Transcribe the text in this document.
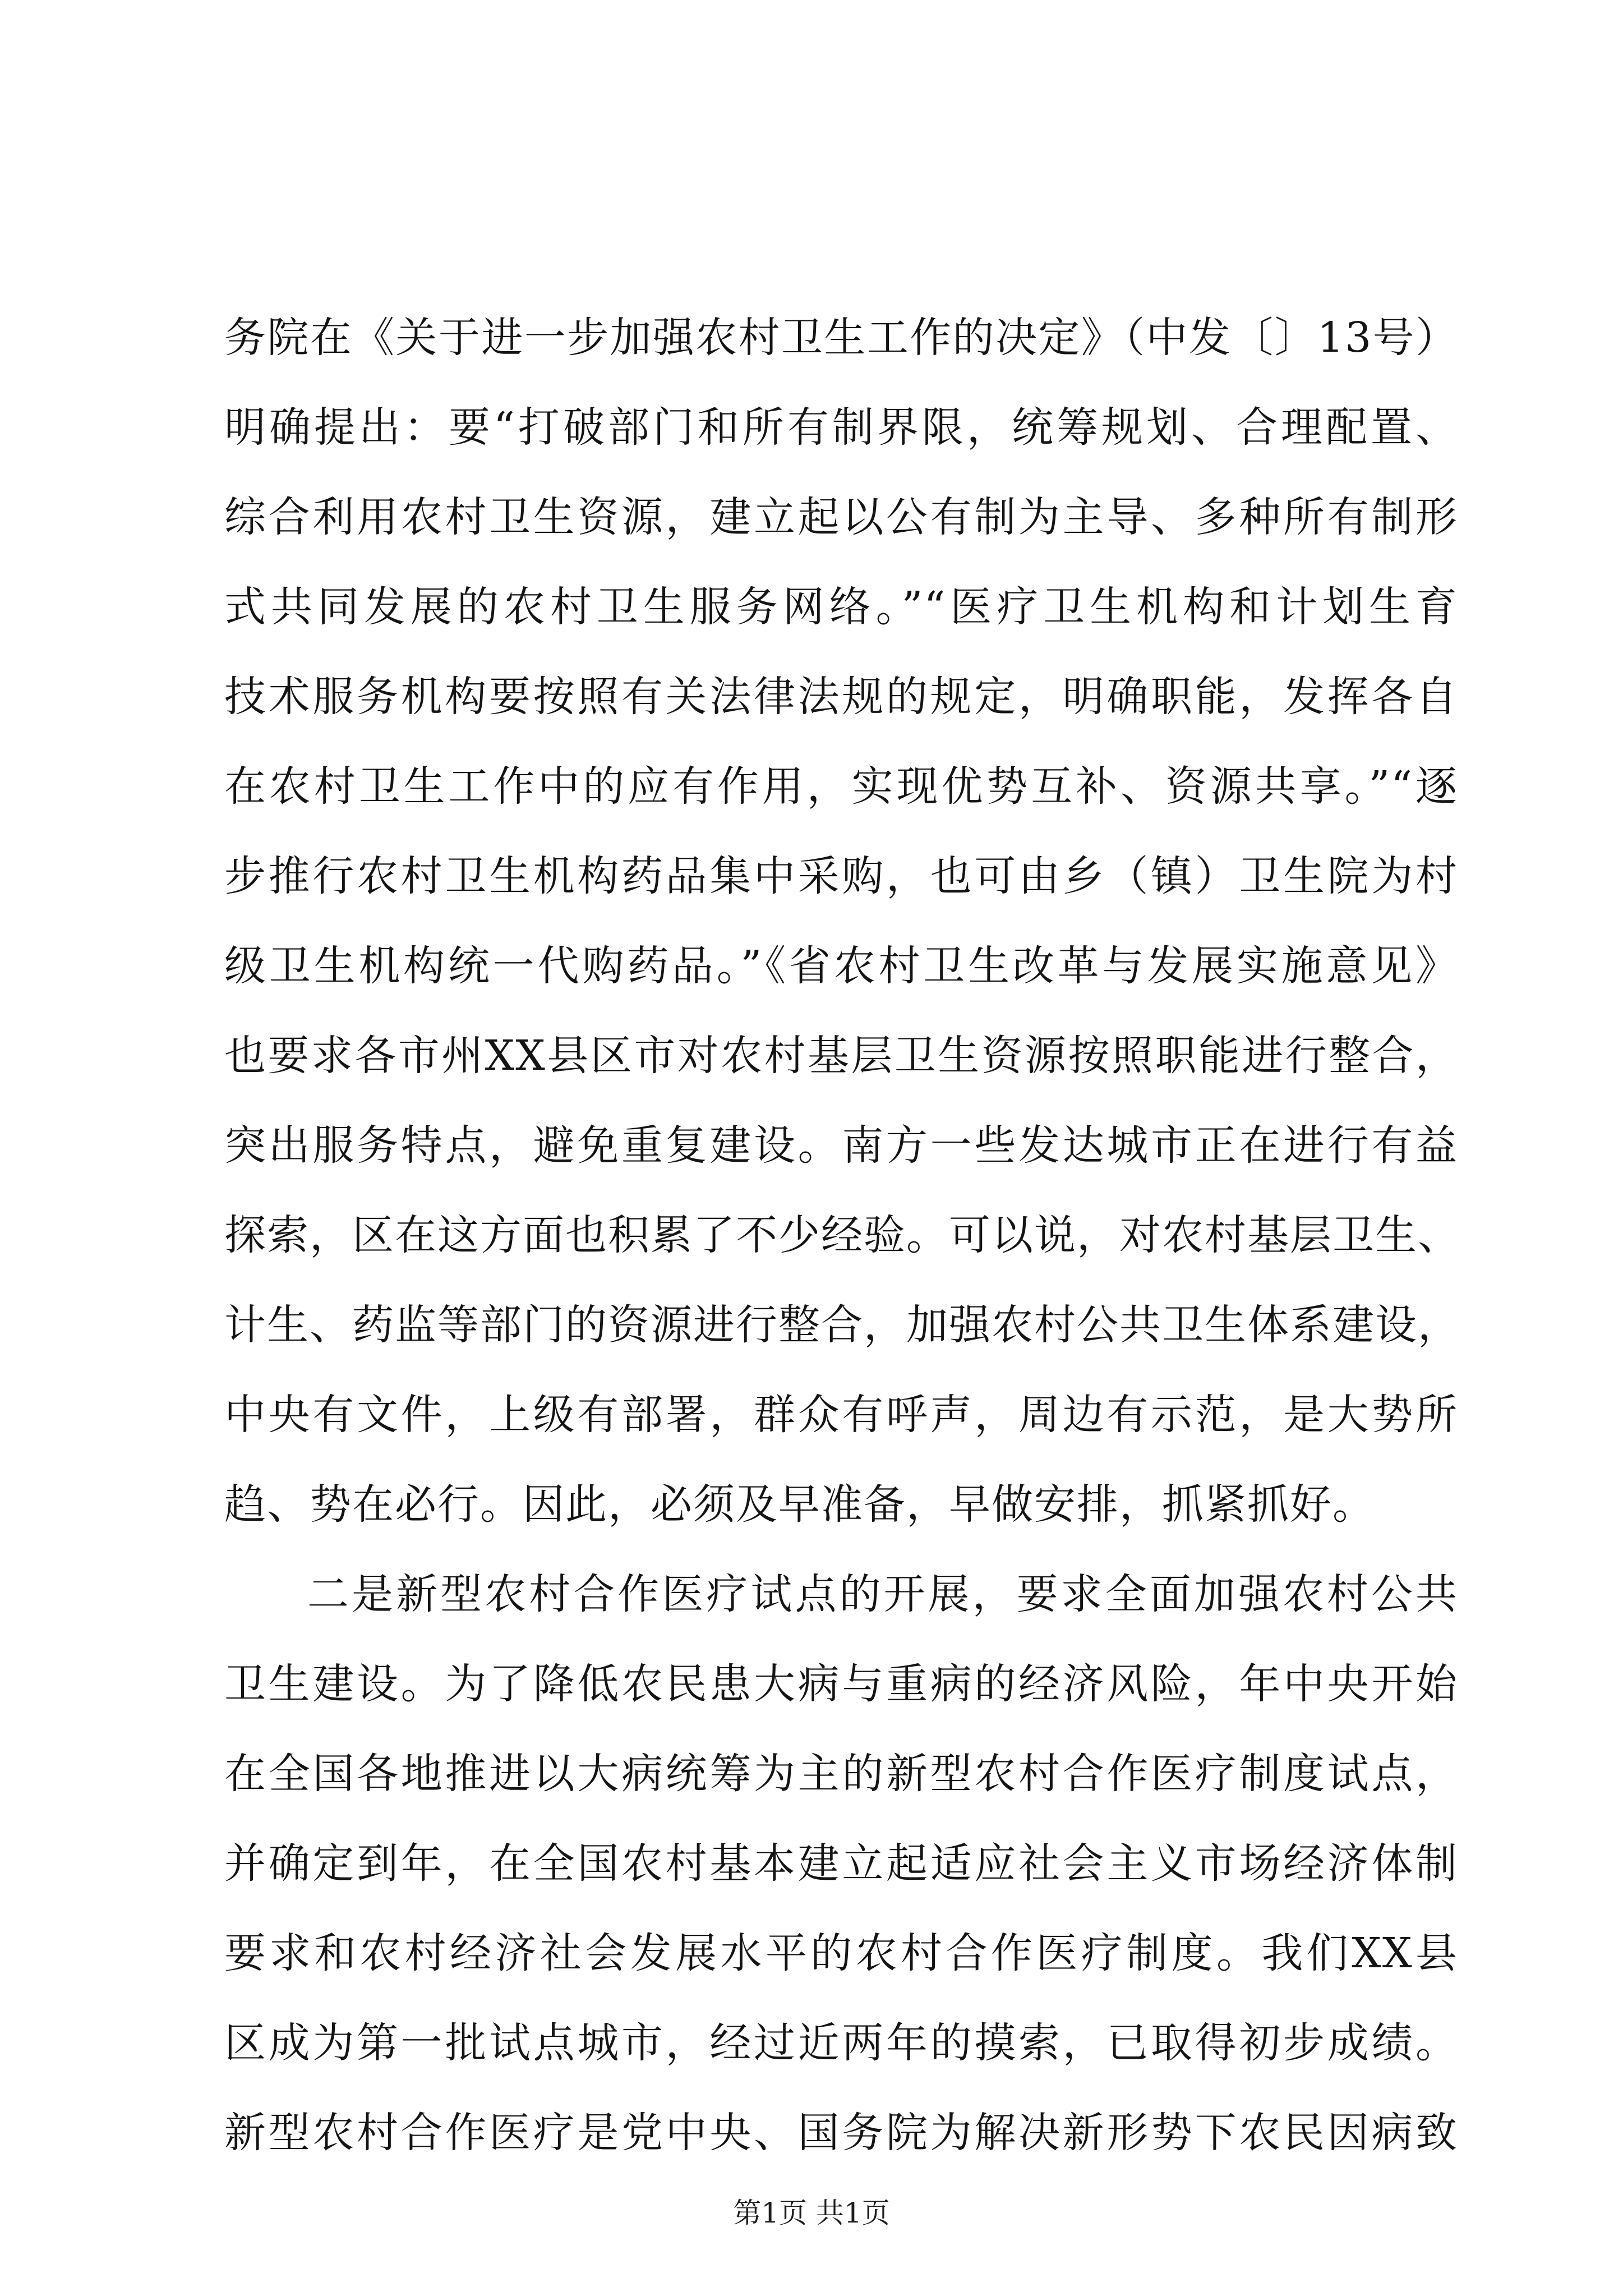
务院在《关于进一步加强农村卫生工作的决定》（中发〔〕13号）
明确提出：要“打破部门和所有制界限，统筹规划、合理配置、
综合利用农村卫生资源，建立起以公有制为主导、多种所有制形
式共同发展的农村卫生服务网络。”“医疗卫生机构和计划生育
技术服务机构要按照有关法律法规的规定，明确职能，发挥各自
在农村卫生工作中的应有作用，实现优势互补、资源共享。”“逐
步推行农村卫生机构药品集中采购，也可由乡（镇）卫生院为村
级卫生机构统一代购药品。”《省农村卫生改革与发展实施意见》
也要求各市州XX县区市对农村基层卫生资源按照职能进行整合，
突出服务特点，避免重复建设。南方一些发达城市正在进行有益
探索，区在这方面也积累了不少经验。可以说，对农村基层卫生、
计生、药监等部门的资源进行整合，加强农村公共卫生体系建设，
中央有文件，上级有部署，群众有呼声，周边有示范，是大势所
趋、势在必行。因此，必须及早准备，早做安排，抓紧抓好。
二是新型农村合作医疗试点的开展，要求全面加强农村公共
卫生建设。为了降低农民患大病与重病的经济风险，年中央开始
在全国各地推进以大病统筹为主的新型农村合作医疗制度试点，
并确定到年，在全国农村基本建立起适应社会主义市场经济体制
要求和农村经济社会发展水平的农村合作医疗制度。我们XX县
区成为第一批试点城市，经过近两年的摸索，已取得初步成绩。
新型农村合作医疗是党中央、国务院为解决新形势下农民因病致
第1页 共1页
